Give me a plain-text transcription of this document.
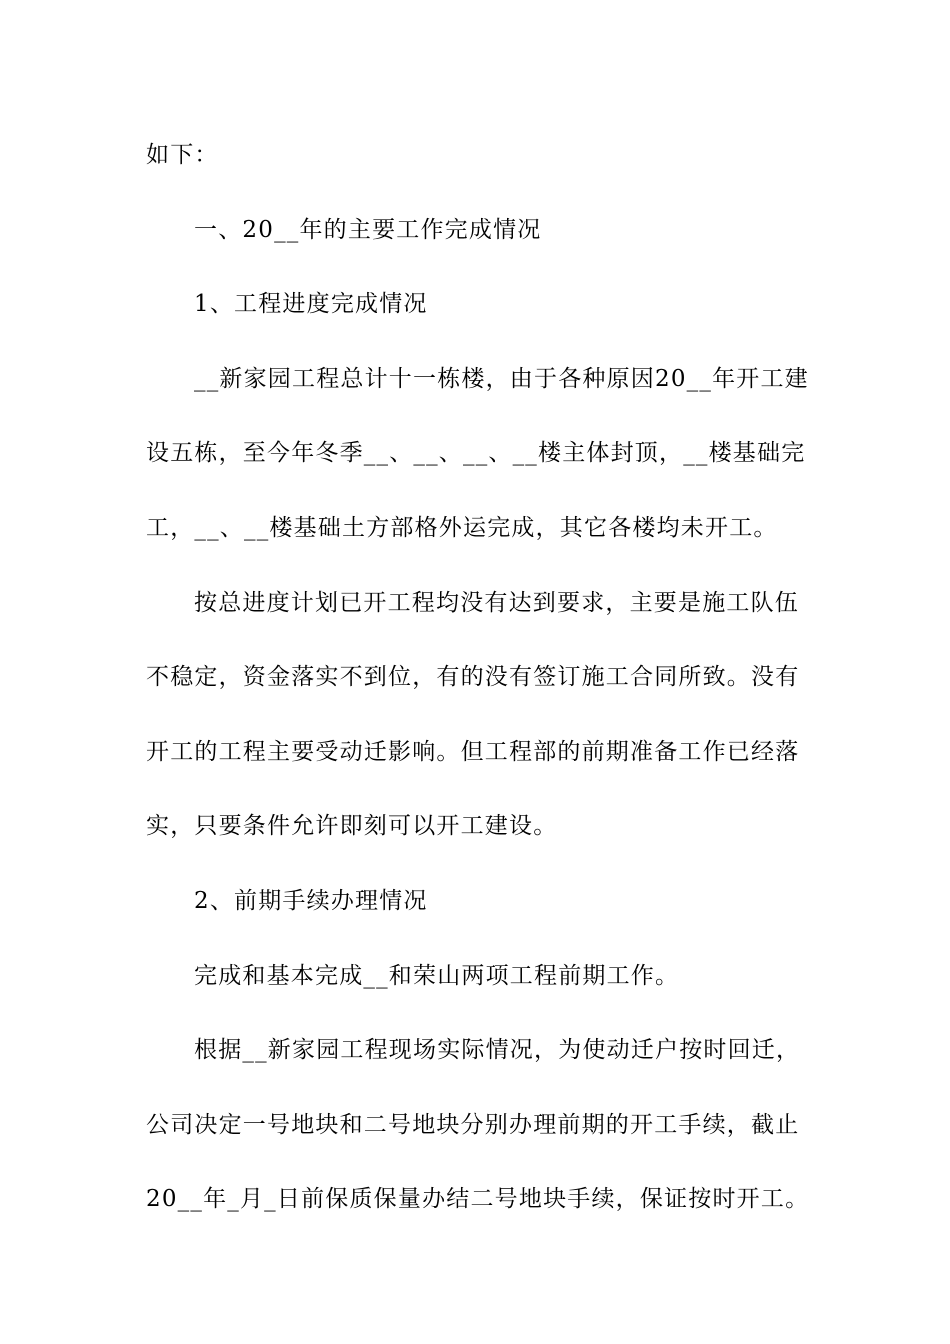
如下：
一、20__年的主要工作完成情况
1、工程进度完成情况
__新家园工程总计十一栋楼，由于各种原因20__年开工建
设五栋，至今年冬季__、__、__、__楼主体封顶，__楼基础完
工，__、__楼基础土方部格外运完成，其它各楼均未开工。
按总进度计划已开工程均没有达到要求，主要是施工队伍
不稳定，资金落实不到位，有的没有签订施工合同所致。没有
开工的工程主要受动迁影响。但工程部的前期准备工作已经落
实，只要条件允许即刻可以开工建设。
2、前期手续办理情况
完成和基本完成__和荣山两项工程前期工作。
根据__新家园工程现场实际情况，为使动迁户按时回迁，
公司决定一号地块和二号地块分别办理前期的开工手续，截止
20__年_月_日前保质保量办结二号地块手续，保证按时开工。
